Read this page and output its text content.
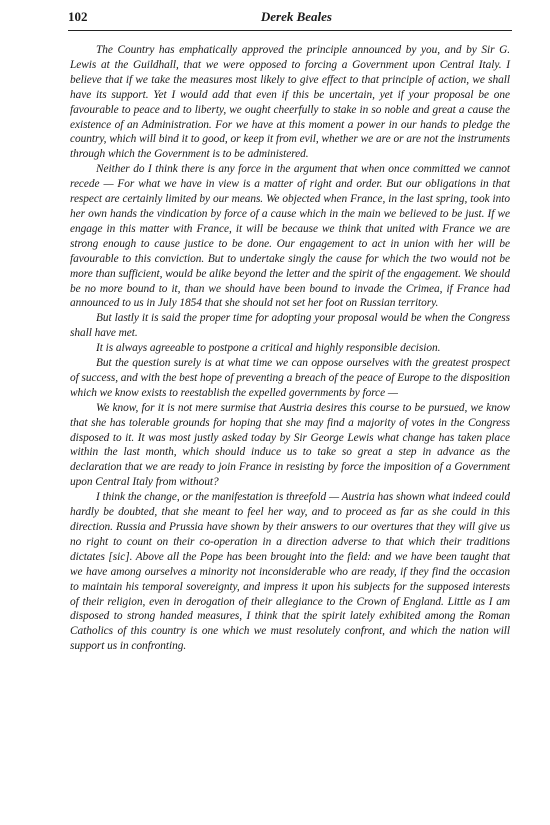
102	Derek Beales

The Country has emphatically approved the principle announced by you, and by Sir G. Lewis at the Guildhall, that we were opposed to forcing a Government upon Central Italy. I believe that if we take the measures most likely to give effect to that principle of action, we shall have its support. Yet I would add that even if this be uncertain, yet if your proposal be one favourable to peace and to liberty, we ought cheerfully to stake in so noble and great a cause the existence of an Administration. For we have at this moment a power in our hands to pledge the country, which will bind it to good, or keep it from evil, whether we are or are not the instruments through which the Government is to be administered.

Neither do I think there is any force in the argument that when once committed we cannot recede — For what we have in view is a matter of right and order. But our obligations in that respect are certainly limited by our means. We objected when France, in the last spring, took into her own hands the vindication by force of a cause which in the main we believed to be just. If we engage in this matter with France, it will be because we think that united with France we are strong enough to cause justice to be done. Our engagement to act in union with her will be favourable to this conviction. But to undertake singly the cause for which the two would not be more than sufficient, would be alike beyond the letter and the spirit of the engagement. We should be no more bound to it, than we should have been bound to invade the Crimea, if France had announced to us in July 1854 that she should not set her foot on Russian territory.

But lastly it is said the proper time for adopting your proposal would be when the Congress shall have met.

It is always agreeable to postpone a critical and highly responsible decision.

But the question surely is at what time we can oppose ourselves with the greatest prospect of success, and with the best hope of preventing a breach of the peace of Europe to the disposition which we know exists to reestablish the expelled governments by force —

We know, for it is not mere surmise that Austria desires this course to be pursued, we know that she has tolerable grounds for hoping that she may find a majority of votes in the Congress disposed to it. It was most justly asked today by Sir George Lewis what change has taken place within the last month, which should induce us to take so great a step in advance as the declaration that we are ready to join France in resisting by force the imposition of a Government upon Central Italy from without?

I think the change, or the manifestation is threefold — Austria has shown what indeed could hardly be doubted, that she meant to feel her way, and to proceed as far as she could in this direction. Russia and Prussia have shown by their answers to our overtures that they will give us no right to count on their co-operation in a direction adverse to that which their traditions dictates [sic]. Above all the Pope has been brought into the field: and we have been taught that we have among ourselves a minority not inconsiderable who are ready, if they find the occasion to maintain his temporal sovereignty, and impress it upon his subjects for the supposed interests of their religion, even in derogation of their allegiance to the Crown of England. Little as I am disposed to strong handed measures, I think that the spirit lately exhibited among the Roman Catholics of this country is one which we must resolutely confront, and which the nation will support us in confronting.
